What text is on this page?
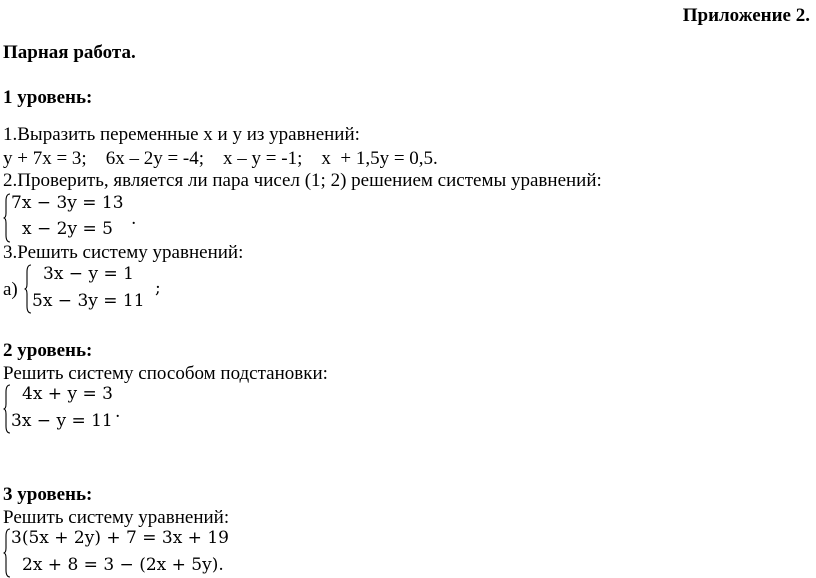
Приложение 2.
Парная работа.
1 уровень:
1.Выразить переменные х и у из уравнений:
у + 7х = 3;    6х – 2у = -4;    х – у = -1;    х  + 1,5у = 0,5.
2.Проверить, является ли пара чисел (1; 2) решением системы уравнений:
7x − 3y = 13
x − 2y = 5 .
3.Решить систему уравнений:
а)
3x − y = 1
5x − 3y = 11
;
2 уровень:
Решить систему способом подстановки:
4x + y = 3
3x − y = 11 .
3 уровень:
Решить систему уравнений:
3(5x + 2y) + 7 = 3x + 19
2x + 8 = 3 − (2x + 5y).
